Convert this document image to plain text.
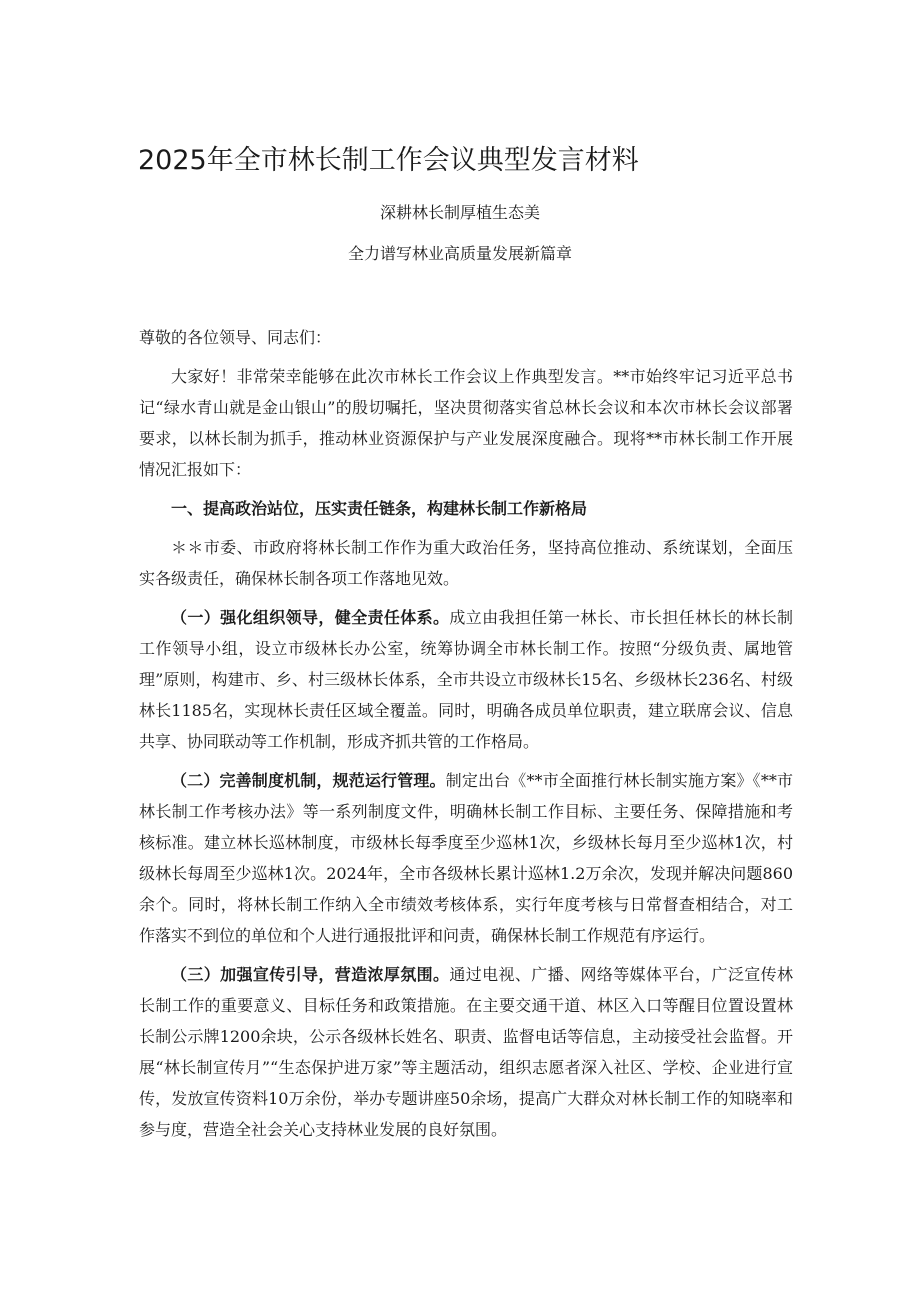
2025年全市林长制工作会议典型发言材料
深耕林长制厚植生态美
全力谱写林业高质量发展新篇章

尊敬的各位领导、同志们：

大家好！非常荣幸能够在此次市林长工作会议上作典型发言。**市始终牢记习近平总书记“绿水青山就是金山银山”的殷切嘱托，坚决贯彻落实省总林长会议和本次市林长会议部署要求，以林长制为抓手，推动林业资源保护与产业发展深度融合。现将**市林长制工作开展情况汇报如下：

一、提高政治站位，压实责任链条，构建林长制工作新格局

＊＊市委、市政府将林长制工作作为重大政治任务，坚持高位推动、系统谋划，全面压实各级责任，确保林长制各项工作落地见效。

（一）强化组织领导，健全责任体系。成立由我担任第一林长、市长担任林长的林长制工作领导小组，设立市级林长办公室，统筹协调全市林长制工作。按照“分级负责、属地管理”原则，构建市、乡、村三级林长体系，全市共设立市级林长15名、乡级林长236名、村级林长1185名，实现林长责任区域全覆盖。同时，明确各成员单位职责，建立联席会议、信息共享、协同联动等工作机制，形成齐抓共管的工作格局。

（二）完善制度机制，规范运行管理。制定出台《**市全面推行林长制实施方案》《**市林长制工作考核办法》等一系列制度文件，明确林长制工作目标、主要任务、保障措施和考核标准。建立林长巡林制度，市级林长每季度至少巡林1次，乡级林长每月至少巡林1次，村级林长每周至少巡林1次。2024年，全市各级林长累计巡林1.2万余次，发现并解决问题860余个。同时，将林长制工作纳入全市绩效考核体系，实行年度考核与日常督查相结合，对工作落实不到位的单位和个人进行通报批评和问责，确保林长制工作规范有序运行。

（三）加强宣传引导，营造浓厚氛围。通过电视、广播、网络等媒体平台，广泛宣传林长制工作的重要意义、目标任务和政策措施。在主要交通干道、林区入口等醒目位置设置林长制公示牌1200余块，公示各级林长姓名、职责、监督电话等信息，主动接受社会监督。开展“林长制宣传月”“生态保护进万家”等主题活动，组织志愿者深入社区、学校、企业进行宣传，发放宣传资料10万余份，举办专题讲座50余场，提高广大群众对林长制工作的知晓率和参与度，营造全社会关心支持林业发展的良好氛围。
